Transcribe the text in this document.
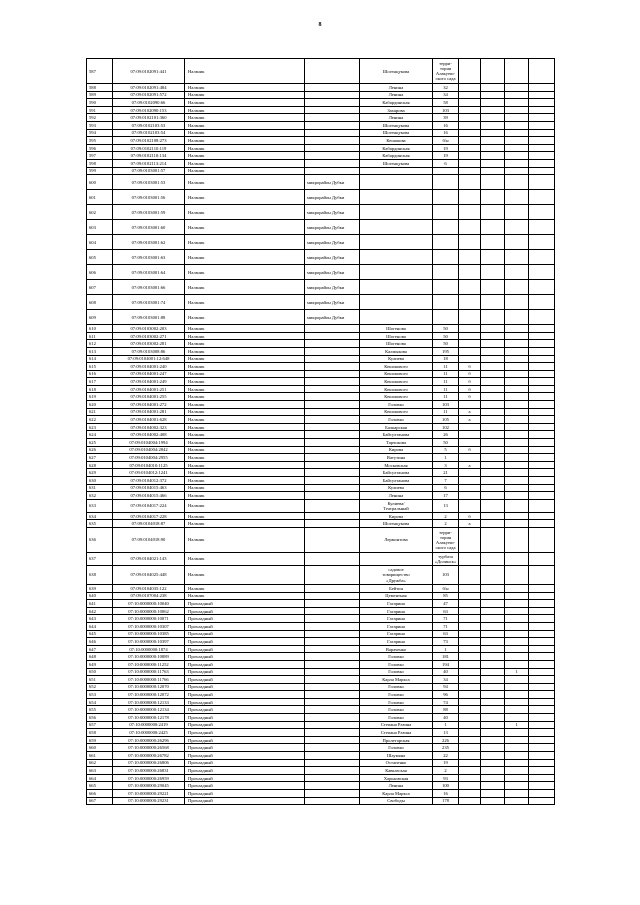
8
587	07:09:0102091:441	Нальчик		Шогенцукова	терри-
тория
Алакуеш-
ского сада				
588	07:09:0102091:484	Нальчик		Ленина	32				
589	07:09:0102091:572	Нальчик		Ленина	34				
590	07:09:0102090:66	Нальчик		Кабардинская	58				
591	07:09:0102090:153	Нальчик		Захарова	103				
592	07:09:0102101:360	Нальчик		Ленина	39				
593	07:09:0102103:53	Нальчик		Шогенцукова	16				
594	07:09:0102103:54	Нальчик		Шогенцукова	16				
595	07:09:0102108:273	Нальчик		Кешокова	б/н				
596	07:09:0102110:119	Нальчик		Кабардинская	19				
597	07:09:0102110:134	Нальчик		Кабардинская	19				
598	07:09:0102113:214	Нальчик		Шогенцукова	6				
599	07:09:0103001:57	Нальчик							
600	07:09:0103001:53	Нальчик	микрорайон Дубки						
601	07:09:0103001:56	Нальчик	микрорайон Дубки						
602	07:09:0103001:59	Нальчик	микрорайон Дубки						
603	07:09:0103001:60	Нальчик	микрорайон Дубки						
604	07:09:0103001:62	Нальчик	микрорайон Дубки						
605	07:09:0103001:63	Нальчик	микрорайон Дубки						
606	07:09:0103001:64	Нальчик	микрорайон Дубки						
607	07:09:0103001:66	Нальчик	микрорайон Дубки						
608	07:09:0103001:74	Нальчик	микрорайон Дубки						
609	07:09:0103001:88	Нальчик	микрорайон Дубки						
610	07:09:0103002:203	Нальчик		Шогенова	50				
611	07:09:0103002:271	Нальчик		Шогенова	50				
612	07:09:0103002:281	Нальчик		Шогенова	50				
613	07:09:0103008:86	Нальчик		Калмыкова	195				
614	07:09:0104001:12:648	Нальчик		Кулиева	18				
615	07:09:0104001:240	Нальчик		Кешокового	11	б			
616	07:09:0104001:247	Нальчик		Кешокового	11	б			
617	07:09:0104001:249	Нальчик		Кешокового	11	б			
618	07:09:0104001:251	Нальчик		Кешокового	11	б			
619	07:09:0104001:255	Нальчик		Кешокового	11	б			
620	07:09:0104001:272	Нальчик		Головко	103				
621	07:09:0104001:281	Нальчик		Кешокового	11	а			
622	07:09:0104001:628	Нальчик		Головко	105	а			
623	07:09:0104002:323	Нальчик		Балкарская	102				
624	07:09:0104002:408	Нальчик		Байсултанова	26				
625	07:09:0104004:1994	Нальчик		Тарчокова	50				
626	07:09:0104004:2842	Нальчик		Кирова	5	б			
627	07:09:0104004:2955	Нальчик		Ватутина	1				
628	07:09:0104010:1125	Нальчик		Московская	3	а			
629	07:09:0104012:1241	Нальчик		Байсултанова	21				
630	07:09:0104012:372	Нальчик		Байсултанова	7				
631	07:09:0104015:463	Нальчик		Кулиева	6				
632	07:09:0104015:466	Нальчик		Ленина	17				
633	07:09:0104017:224	Нальчик		Кулиева/
Театральный	13				
634	07:09:0104017:228	Нальчик		Кирова	2	б			
635	07:09:0104018:87	Нальчик		Шогенцукова	2	а			
636	07:09:0104018:90	Нальчик		Лермонтова	терри-
тория
Алакуеш-
ского сада				
637	07:09:0104021:143	Нальчик			турбаза
«Долинск»				
638	07:09:0104025:448	Нальчик		садовое
товарищество
«Дружба»	103				
639	07:09:0104035:122	Нальчик		Бейтон	б/н				
640	07:09:0107004:238	Нальчик		Цементная	85				
641	07:10:0000000:10040	Прохладный		Гагарина	47				
642	07:10:0000000:10062	Прохладный		Гагарина	63				
643	07:10:0000000:10071	Прохладный		Гагарина	71				
644	07:10:0000000:10307	Прохладный		Гагарина	71				
645	07:10:0000000:10385	Прохладный		Гагарина	63				
646	07:10:0000000:10397	Прохладный		Гагарина	73				
647	07:10:0000000:1874	Прохладный		Вараченко	1				
648	07:10:0000000:10889	Прохладный		Головко	181				
649	07:10:0000000:11252	Прохладный		Головко	194				
650	07:10:0000000:11763	Прохладный		Головко	40			1	
651	07:10:0000000:11766	Прохладный		Карла Маркса	34				
652	07:10:0000000:12070	Прохладный		Головко	94				
653	07:10:0000000:12072	Прохладный		Головко	96				
654	07:10:0000000:12133	Прохладный		Головко	74				
655	07:10:0000000:12134	Прохладный		Головко	88				
656	07:10:0000000:12178	Прохладный		Головко	40				
657	07:10:0000000:2419	Прохладный		Степана Разина	1			1	
658	07:10:0000000:2425	Прохладный		Степана Разина	13				
659	07:10:0000000:26296	Прохладный		Пролетарская	226				
660	07:10:0000000:26568	Прохладный		Головко	235				
661	07:10:0000000:26782	Прохладный		Шаумяна	22				
662	07:10:0000000:26806	Прохладный		Остапенко	19				
663	07:10:0000000:26831	Прохладный		Кавказская	2				
664	07:10:0000000:26959	Прохладный		Харьковская	93				
665	07:10:0000000:29045	Прохладный		Ленина	100				
666	07:10:0000000:29221	Прохладный		Карла Маркса	16				
667	07:10:0000000:29231	Прохладный		Свободы	178				
